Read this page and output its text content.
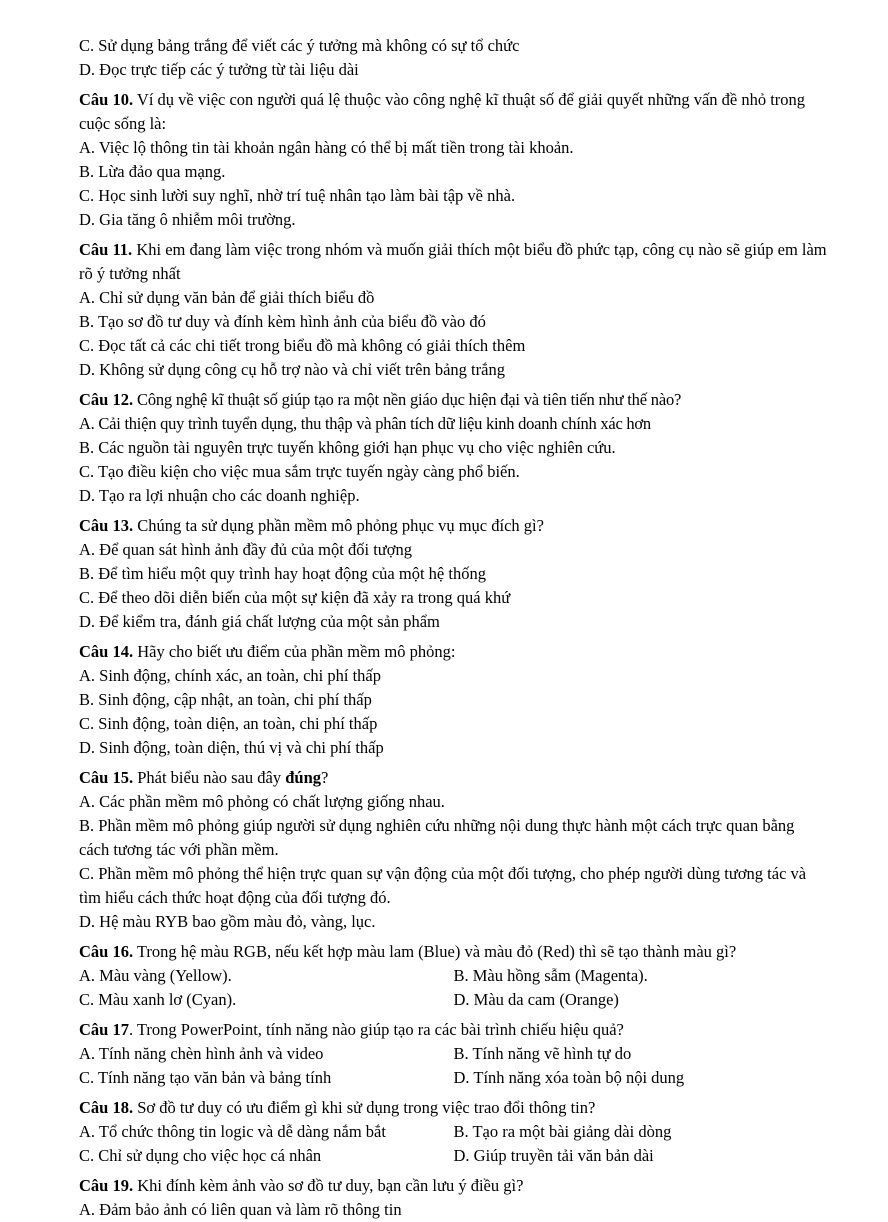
C. Sử dụng bảng trắng để viết các ý tưởng mà không có sự tổ chức
D. Đọc trực tiếp các ý tưởng từ tài liệu dài
Câu 10. Ví dụ về việc con người quá lệ thuộc vào công nghệ kĩ thuật số để giải quyết những vấn đề nhỏ trong cuộc sống là:
A. Việc lộ thông tin tài khoản ngân hàng có thể bị mất tiền trong tài khoản.
B. Lừa đảo qua mạng.
C. Học sinh lười suy nghĩ, nhờ trí tuệ nhân tạo làm bài tập về nhà.
D. Gia tăng ô nhiễm môi trường.
Câu 11. Khi em đang làm việc trong nhóm và muốn giải thích một biểu đồ phức tạp, công cụ nào sẽ giúp em làm rõ ý tưởng nhất
A. Chỉ sử dụng văn bản để giải thích biểu đồ
B. Tạo sơ đồ tư duy và đính kèm hình ảnh của biểu đồ vào đó
C. Đọc tất cả các chi tiết trong biểu đồ mà không có giải thích thêm
D. Không sử dụng công cụ hỗ trợ nào và chỉ viết trên bảng trắng
Câu 12. Công nghệ kĩ thuật số giúp tạo ra một nền giáo dục hiện đại và tiên tiến như thế nào?
A. Cải thiện quy trình tuyển dụng, thu thập và phân tích dữ liệu kinh doanh chính xác hơn
B. Các nguồn tài nguyên trực tuyến không giới hạn phục vụ cho việc nghiên cứu.
C. Tạo điều kiện cho việc mua sắm trực tuyến ngày càng phổ biến.
D. Tạo ra lợi nhuận cho các doanh nghiệp.
Câu 13. Chúng ta sử dụng phần mềm mô phỏng phục vụ mục đích gì?
A. Để quan sát hình ảnh đầy đủ của một đối tượng
B. Để tìm hiểu một quy trình hay hoạt động của một hệ thống
C. Để theo dõi diễn biến của một sự kiện đã xảy ra trong quá khứ
D. Để kiểm tra, đánh giá chất lượng của một sản phẩm
Câu 14. Hãy cho biết ưu điểm của phần mềm mô phỏng:
A. Sinh động, chính xác, an toàn, chi phí thấp
B. Sinh động, cập nhật, an toàn, chi phí thấp
C. Sinh động, toàn diện, an toàn, chi phí thấp
D. Sinh động, toàn diện, thú vị và chi phí thấp
Câu 15. Phát biểu nào sau đây đúng?
A. Các phần mềm mô phỏng có chất lượng giống nhau.
B. Phần mềm mô phỏng giúp người sử dụng nghiên cứu những nội dung thực hành một cách trực quan bằng cách tương tác với phần mềm.
C. Phần mềm mô phỏng thể hiện trực quan sự vận động của một đối tượng, cho phép người dùng tương tác và tìm hiểu cách thức hoạt động của đối tượng đó.
D. Hệ màu RYB bao gồm màu đỏ, vàng, lục.
Câu 16. Trong hệ màu RGB, nếu kết hợp màu lam (Blue) và màu đỏ (Red) thì sẽ tạo thành màu gì?
A. Màu vàng (Yellow).	B. Màu hồng sẫm (Magenta).
C. Màu xanh lơ (Cyan).	D. Màu da cam (Orange)
Câu 17. Trong PowerPoint, tính năng nào giúp tạo ra các bài trình chiếu hiệu quả?
A. Tính năng chèn hình ảnh và video	B. Tính năng vẽ hình tự do
C. Tính năng tạo văn bản và bảng tính	D. Tính năng xóa toàn bộ nội dung
Câu 18. Sơ đồ tư duy có ưu điểm gì khi sử dụng trong việc trao đổi thông tin?
A. Tổ chức thông tin logic và dễ dàng nắm bắt	B. Tạo ra một bài giảng dài dòng
C. Chỉ sử dụng cho việc học cá nhân	D. Giúp truyền tải văn bản dài
Câu 19. Khi đính kèm ảnh vào sơ đồ tư duy, bạn cần lưu ý điều gì?
A. Đảm bảo ảnh có liên quan và làm rõ thông tin
